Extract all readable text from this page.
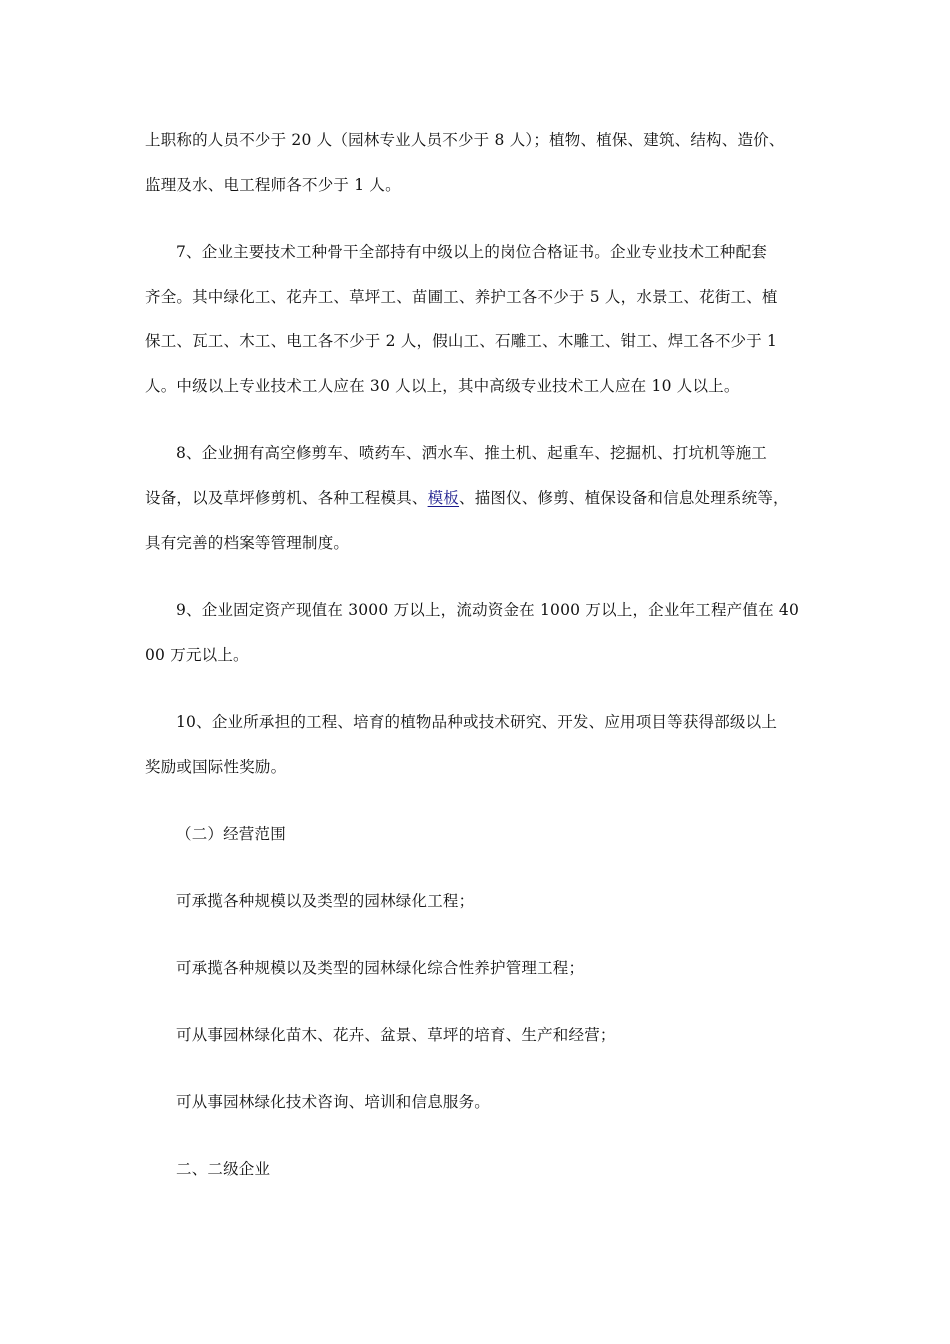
上职称的人员不少于 20 人（园林专业人员不少于 8 人）；植物、植保、建筑、结构、造价、
监理及水、电工程师各不少于 1 人。
7、企业主要技术工种骨干全部持有中级以上的岗位合格证书。企业专业技术工种配套
齐全。其中绿化工、花卉工、草坪工、苗圃工、养护工各不少于 5 人，水景工、花街工、植
保工、瓦工、木工、电工各不少于 2 人，假山工、石雕工、木雕工、钳工、焊工各不少于 1
人。中级以上专业技术工人应在 30 人以上，其中高级专业技术工人应在 10 人以上。
8、企业拥有高空修剪车、喷药车、洒水车、推土机、起重车、挖掘机、打坑机等施工
设备，以及草坪修剪机、各种工程模具、模板、描图仪、修剪、植保设备和信息处理系统等，
具有完善的档案等管理制度。
9、企业固定资产现值在 3000 万以上，流动资金在 1000 万以上，企业年工程产值在 40
00 万元以上。
10、企业所承担的工程、培育的植物品种或技术研究、开发、应用项目等获得部级以上
奖励或国际性奖励。
（二）经营范围
可承揽各种规模以及类型的园林绿化工程；
可承揽各种规模以及类型的园林绿化综合性养护管理工程；
可从事园林绿化苗木、花卉、盆景、草坪的培育、生产和经营；
可从事园林绿化技术咨询、培训和信息服务。
二、二级企业
